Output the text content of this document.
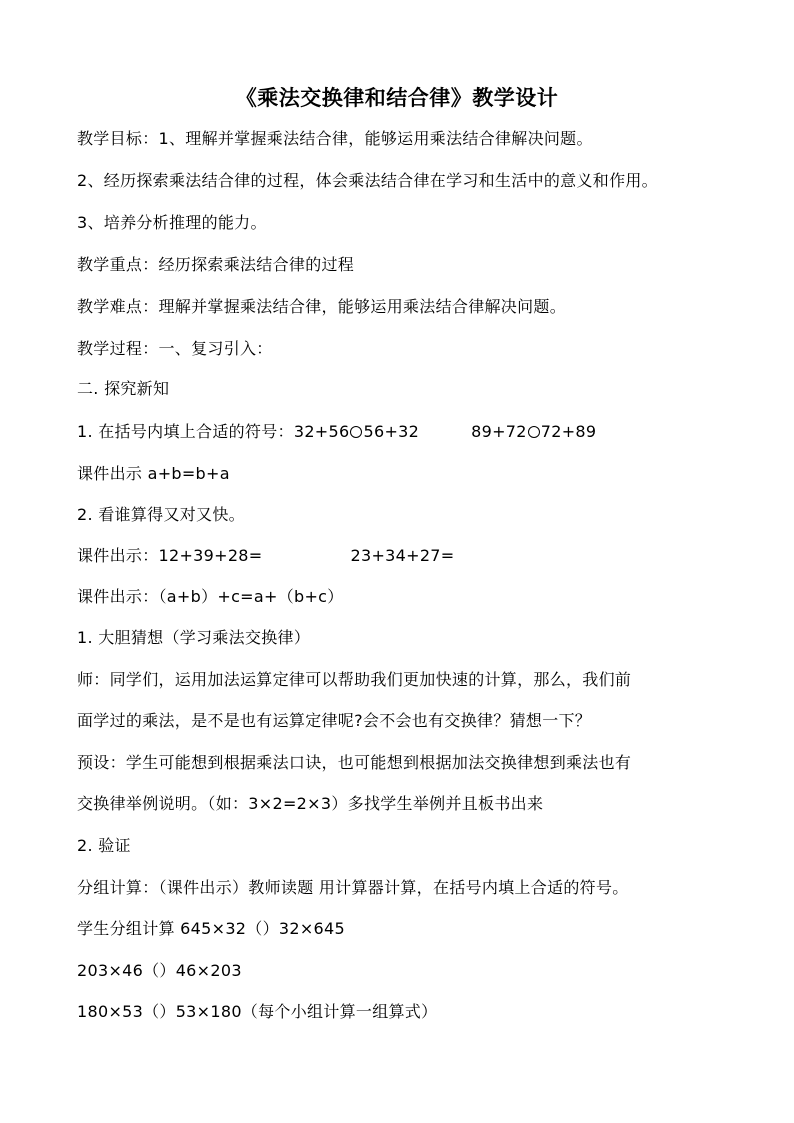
《乘法交换律和结合律》教学设计
教学目标：1、理解并掌握乘法结合律，能够运用乘法结合律解决问题。
2、经历探索乘法结合律的过程，体会乘法结合律在学习和生活中的意义和作用。
3、培养分析推理的能力。
教学重点：经历探索乘法结合律的过程
教学难点：理解并掌握乘法结合律，能够运用乘法结合律解决问题。
教学过程：一、复习引入：
二. 探究新知
1. 在括号内填上合适的符号：32+56 56+32	89+72 72+89
课件出示 a+b=b+a
2. 看谁算得又对又快。
课件出示：12+39+28=	23+34+27=
课件出示：（a+b）+c=a+（b+c）
1. 大胆猜想（学习乘法交换律）
师：同学们，运用加法运算定律可以帮助我们更加快速的计算，那么，我们前
面学过的乘法，是不是也有运算定律呢?会不会也有交换律？猜想一下？
预设：学生可能想到根据乘法口诀，也可能想到根据加法交换律想到乘法也有
交换律举例说明。（如：3×2=2×3）多找学生举例并且板书出来
2. 验证
分组计算：（课件出示）教师读题 用计算器计算，在括号内填上合适的符号。
学生分组计算 645×32（）32×645
203×46（）46×203
180×53（）53×180（每个小组计算一组算式）
